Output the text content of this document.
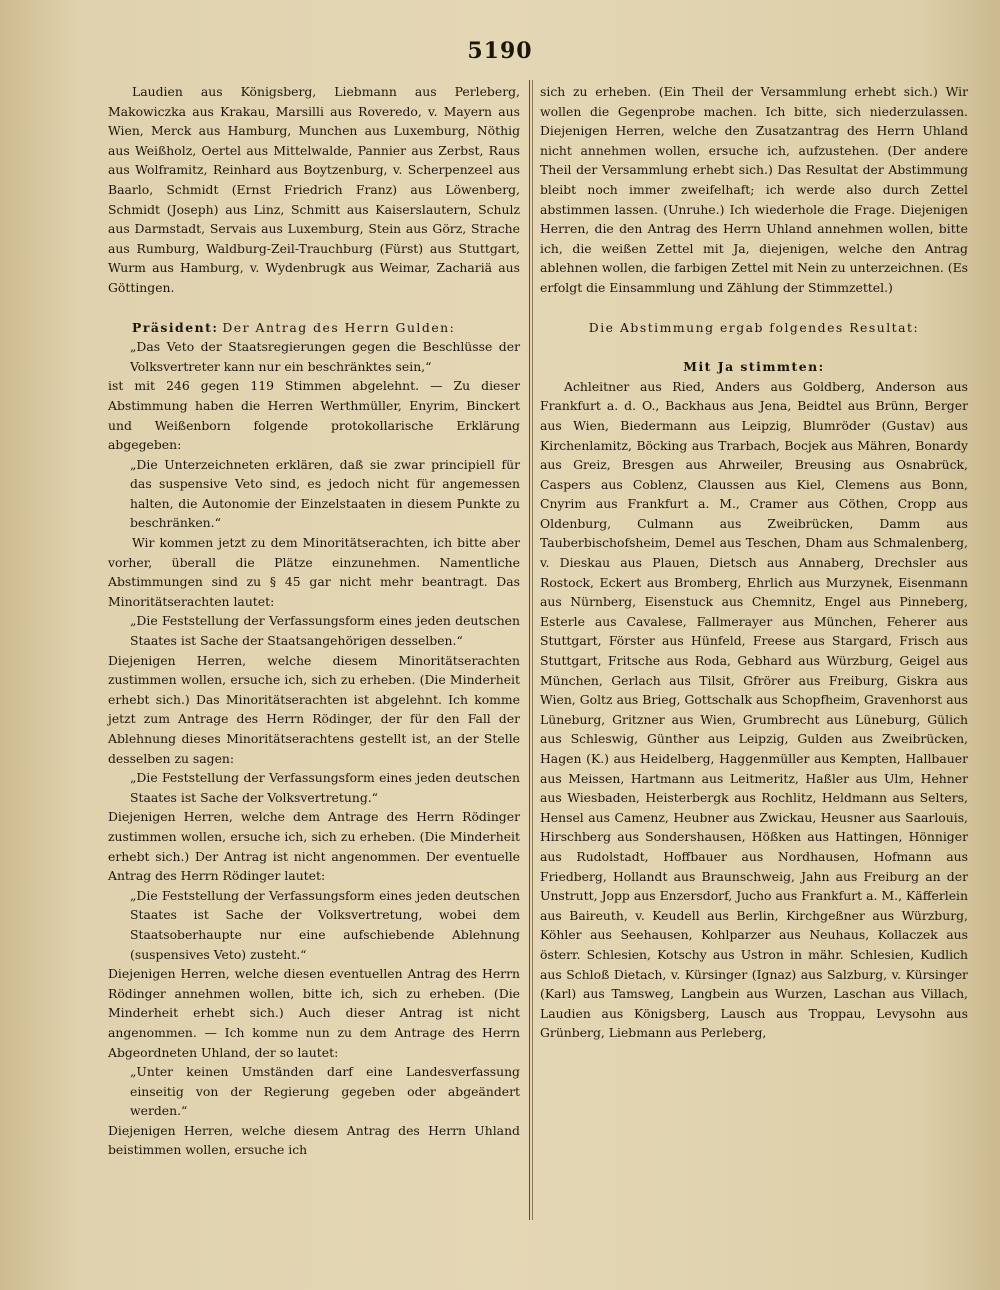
5190

Laudien aus Königsberg, Liebmann aus Perleberg, Makowiczka aus Krakau, Marsilli aus Roveredo, v. Mayern aus Wien, Merck aus Hamburg, Munchen aus Luxemburg, Nöthig aus Weißholz, Oertel aus Mittelwalde, Pannier aus Zerbst, Raus aus Wolframitz, Reinhard aus Boytzenburg, v. Scherpenzeel aus Baarlo, Schmidt (Ernst Friedrich Franz) aus Löwenberg, Schmidt (Joseph) aus Linz, Schmitt aus Kaiserslautern, Schulz aus Darmstadt, Servais aus Luxemburg, Stein aus Görz, Strache aus Rumburg, Waldburg-Zeil-Trauchburg (Fürst) aus Stuttgart, Wurm aus Hamburg, v. Wydenbrugk aus Weimar, Zachariä aus Göttingen.

Präsident: Der Antrag des Herrn Gulden:

„Das Veto der Staatsregierungen gegen die Beschlüsse der Volksvertreter kann nur ein beschränktes sein,“

ist mit 246 gegen 119 Stimmen abgelehnt. — Zu dieser Abstimmung haben die Herren Werthmüller, Enyrim, Binckert und Weißenborn folgende protokollarische Erklärung abgegeben:

„Die Unterzeichneten erklären, daß sie zwar principiell für das suspensive Veto sind, es jedoch nicht für angemessen halten, die Autonomie der Einzelstaaten in diesem Punkte zu beschränken.“

Wir kommen jetzt zu dem Minoritätserachten, ich bitte aber vorher, überall die Plätze einzunehmen. Namentliche Abstimmungen sind zu § 45 gar nicht mehr beantragt. Das Minoritätserachten lautet:

„Die Feststellung der Verfassungsform eines jeden deutschen Staates ist Sache der Staatsangehörigen desselben.“

Diejenigen Herren, welche diesem Minoritätserachten zustimmen wollen, ersuche ich, sich zu erheben. (Die Minderheit erhebt sich.) Das Minoritätserachten ist abgelehnt. Ich komme jetzt zum Antrage des Herrn Rödinger, der für den Fall der Ablehnung dieses Minoritätserachtens gestellt ist, an der Stelle desselben zu sagen:

„Die Feststellung der Verfassungsform eines jeden deutschen Staates ist Sache der Volksvertretung.“

Diejenigen Herren, welche dem Antrage des Herrn Rödinger zustimmen wollen, ersuche ich, sich zu erheben. (Die Minderheit erhebt sich.) Der Antrag ist nicht angenommen. Der eventuelle Antrag des Herrn Rödinger lautet:

„Die Feststellung der Verfassungsform eines jeden deutschen Staates ist Sache der Volksvertretung, wobei dem Staatsoberhaupte nur eine aufschiebende Ablehnung (suspensives Veto) zusteht.“

Diejenigen Herren, welche diesen eventuellen Antrag des Herrn Rödinger annehmen wollen, bitte ich, sich zu erheben. (Die Minderheit erhebt sich.) Auch dieser Antrag ist nicht angenommen. — Ich komme nun zu dem Antrage des Herrn Abgeordneten Uhland, der so lautet:

„Unter keinen Umständen darf eine Landesverfassung einseitig von der Regierung gegeben oder abgeändert werden.“

Diejenigen Herren, welche diesem Antrag des Herrn Uhland beistimmen wollen, ersuche ich

sich zu erheben. (Ein Theil der Versammlung erhebt sich.) Wir wollen die Gegenprobe machen. Ich bitte, sich niederzulassen. Diejenigen Herren, welche den Zusatzantrag des Herrn Uhland nicht annehmen wollen, ersuche ich, aufzustehen. (Der andere Theil der Versammlung erhebt sich.) Das Resultat der Abstimmung bleibt noch immer zweifelhaft; ich werde also durch Zettel abstimmen lassen. (Unruhe.) Ich wiederhole die Frage. Diejenigen Herren, die den Antrag des Herrn Uhland annehmen wollen, bitte ich, die weißen Zettel mit Ja, diejenigen, welche den Antrag ablehnen wollen, die farbigen Zettel mit Nein zu unterzeichnen. (Es erfolgt die Einsammlung und Zählung der Stimmzettel.)

Die Abstimmung ergab folgendes Resultat:

Mit Ja stimmten:

Achleitner aus Ried, Anders aus Goldberg, Anderson aus Frankfurt a. d. O., Backhaus aus Jena, Beidtel aus Brünn, Berger aus Wien, Biedermann aus Leipzig, Blumröder (Gustav) aus Kirchenlamitz, Böcking aus Trarbach, Bocjek aus Mähren, Bonardy aus Greiz, Bresgen aus Ahrweiler, Breusing aus Osnabrück, Caspers aus Coblenz, Claussen aus Kiel, Clemens aus Bonn, Cnyrim aus Frankfurt a. M., Cramer aus Cöthen, Cropp aus Oldenburg, Culmann aus Zweibrücken, Damm aus Tauberbischofsheim, Demel aus Teschen, Dham aus Schmalenberg, v. Dieskau aus Plauen, Dietsch aus Annaberg, Drechsler aus Rostock, Eckert aus Bromberg, Ehrlich aus Murzynek, Eisenmann aus Nürnberg, Eisenstuck aus Chemnitz, Engel aus Pinneberg, Esterle aus Cavalese, Fallmerayer aus München, Feherer aus Stuttgart, Förster aus Hünfeld, Freese aus Stargard, Frisch aus Stuttgart, Fritsche aus Roda, Gebhard aus Würzburg, Geigel aus München, Gerlach aus Tilsit, Gfrörer aus Freiburg, Giskra aus Wien, Goltz aus Brieg, Gottschalk aus Schopfheim, Gravenhorst aus Lüneburg, Gritzner aus Wien, Grumbrecht aus Lüneburg, Gülich aus Schleswig, Günther aus Leipzig, Gulden aus Zweibrücken, Hagen (K.) aus Heidelberg, Haggenmüller aus Kempten, Hallbauer aus Meissen, Hartmann aus Leitmeritz, Haßler aus Ulm, Hehner aus Wiesbaden, Heisterbergk aus Rochlitz, Heldmann aus Selters, Hensel aus Camenz, Heubner aus Zwickau, Heusner aus Saarlouis, Hirschberg aus Sondershausen, Hößken aus Hattingen, Hönniger aus Rudolstadt, Hoffbauer aus Nordhausen, Hofmann aus Friedberg, Hollandt aus Braunschweig, Jahn aus Freiburg an der Unstrutt, Jopp aus Enzersdorf, Jucho aus Frankfurt a. M., Käfferlein aus Baireuth, v. Keudell aus Berlin, Kirchgeßner aus Würzburg, Köhler aus Seehausen, Kohlparzer aus Neuhaus, Kollaczek aus österr. Schlesien, Kotschy aus Ustron in mähr. Schlesien, Kudlich aus Schloß Dietach, v. Kürsinger (Ignaz) aus Salzburg, v. Kürsinger (Karl) aus Tamsweg, Langbein aus Wurzen, Laschan aus Villach, Laudien aus Königsberg, Lausch aus Troppau, Levysohn aus Grünberg, Liebmann aus Perleberg,
